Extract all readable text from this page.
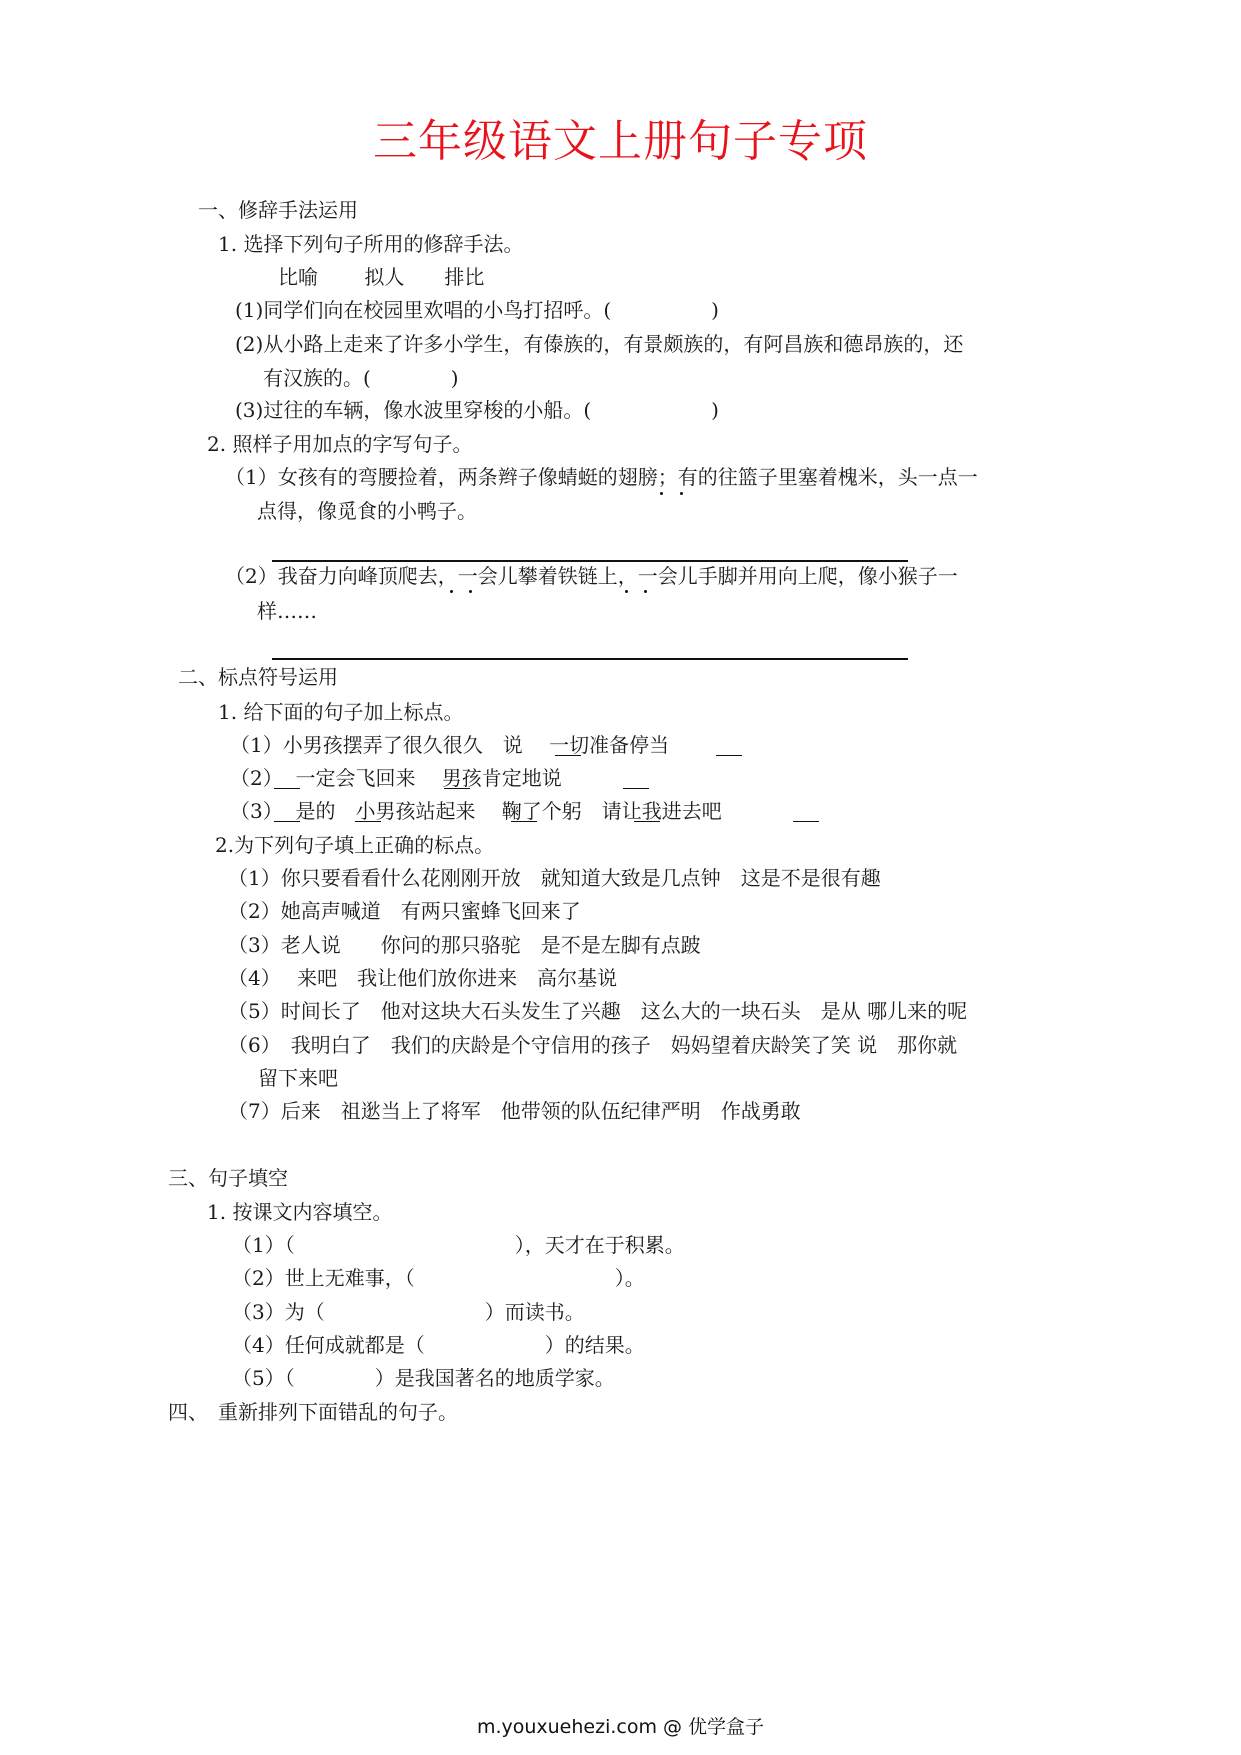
三年级语文上册句子专项
一、修辞手法运用
1. 选择下列句子所用的修辞手法。
比喻　　 拟人　　排比
(1)同学们向在校园里欢唱的小鸟打招呼。(　　　　　)
(2)从小路上走来了许多小学生，有傣族的，有景颇族的，有阿昌族和德昂族的，还
有汉族的。(　　　　)
(3)过往的车辆，像水波里穿梭的小船。(　　　　　　)
2. 照样子用加点的字写句子。
（1）女孩有的弯腰捡着，两条辫子像蜻蜓的翅膀；有的往篮子里塞着槐米，头一点一
点得，像觅食的小鸭子。
（2）我奋力向峰顶爬去，一会儿攀着铁链上，一会儿手脚并用向上爬，像小猴子一
样……
二、标点符号运用
1. 给下面的句子加上标点。
（1）小男孩摆弄了很久很久　说　 一切准备停当
（2）  一定会飞回来　 男孩肯定地说
（3）  是的　小男孩站起来　 鞠了个躬　请让我进去吧
2.为下列句子填上正确的标点。
（1）你只要看看什么花刚刚开放　就知道大致是几点钟　这是不是很有趣
（2）她高声喊道　有两只蜜蜂飞回来了
（3）老人说　　你问的那只骆驼　是不是左脚有点跛
（4）　 来吧　我让他们放你进来　高尔基说
（5）时间长了　他对这块大石头发生了兴趣　这么大的一块石头　是从 哪儿来的呢
（6）　我明白了　我们的庆龄是个守信用的孩子　妈妈望着庆龄笑了笑 说　那你就
留下来吧
（7）后来　祖逖当上了将军　他带领的队伍纪律严明　作战勇敢
三、句子填空
1. 按课文内容填空。
（1）（　　　　　　　　　　　），天才在于积累。
（2）世上无难事，（　　　　　　　　　　）。
（3）为（　　　　　　　　）而读书。
（4）任何成就都是（　　　　　　）的结果。
（5）（　　　　）是我国著名的地质学家。
四、　重新排列下面错乱的句子。
m.youxuehezi.com @ 优学盒子
